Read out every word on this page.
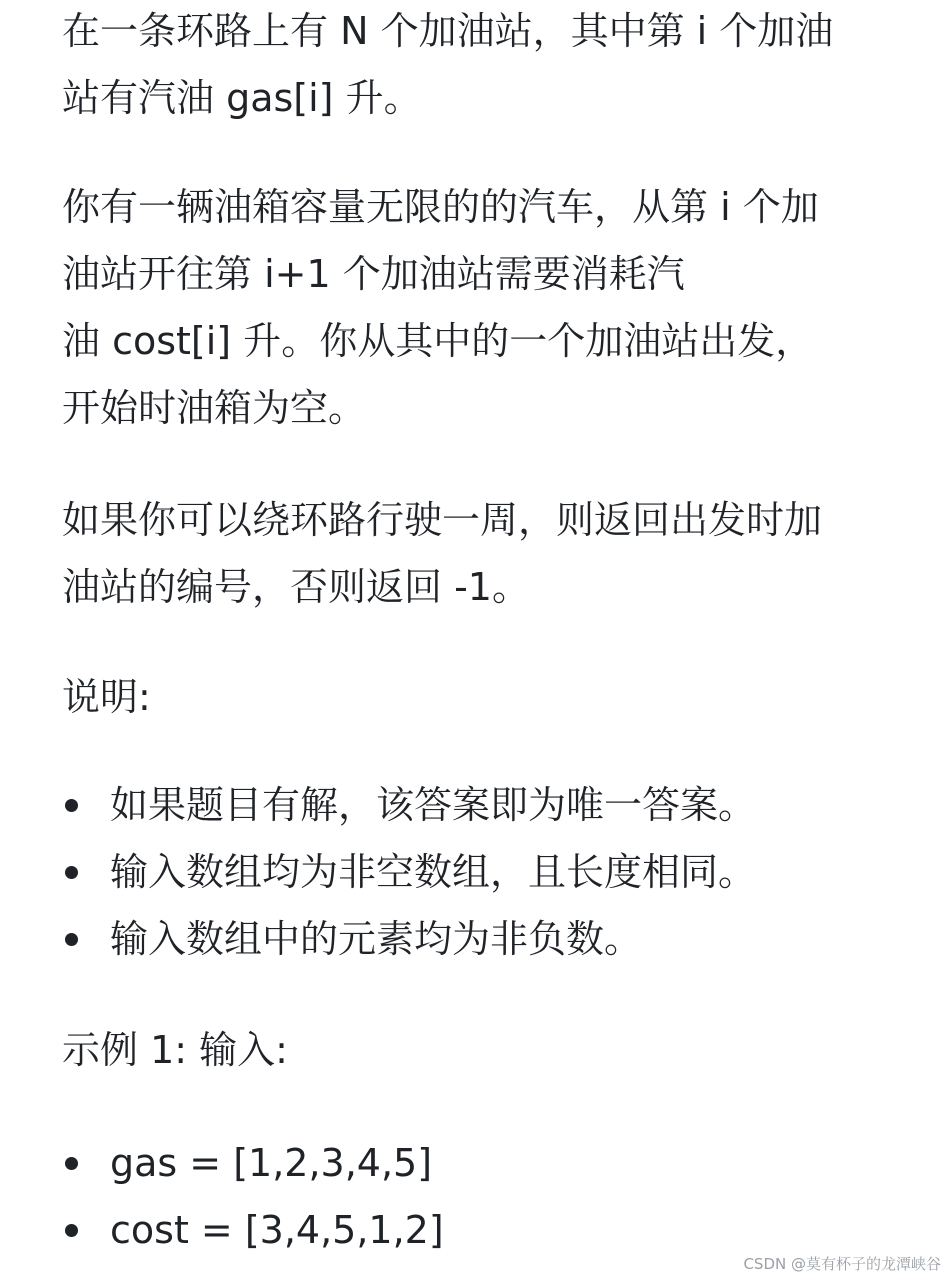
在一条环路上有 N 个加油站，其中第 i 个加油
站有汽油 gas[i] 升。

你有一辆油箱容量无限的的汽车，从第 i 个加
油站开往第 i+1 个加油站需要消耗汽
油 cost[i] 升。你从其中的一个加油站出发，
开始时油箱为空。

如果你可以绕环路行驶一周，则返回出发时加
油站的编号，否则返回 -1。

说明:

如果题目有解，该答案即为唯一答案。
输入数组均为非空数组，且长度相同。
输入数组中的元素均为非负数。

示例 1: 输入:

gas = [1,2,3,4,5]
cost = [3,4,5,1,2]
CSDN @莫有杯子的龙潭峡谷
